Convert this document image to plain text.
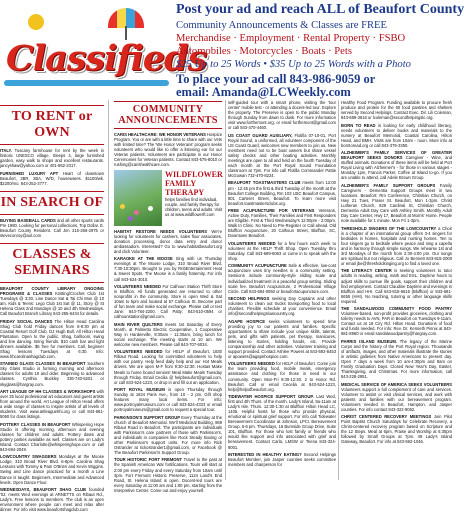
Classifieds
Post your ad and reach ALL of Beaufort County
Community Announcements & Classes are FREE
Merchandise · Employment · Rental Property · FSBO
Automobiles · Motorcycles · Boats · Pets
$25 Up to 25 Words • $35 Up to 25 Words with a Photo
To place your ad call 843-986-9059 or
email: Amanda@LCWeekly.com
TO RENT or OWN
ITALY. Tuscany farmhouse for rent by the week in historic UNESCO village. Sleeps 4, large furnished garden, easy walk to shops and excellent restaurants. jancyshaw@yahoo.com or 401-862-2317.
FURNISHED LUXURY APT Heart of downtown Beaufort, 2BR, 2BA, W/D, housewares. $1100/wk. $2200/mo. 843-252-3777.
IN SEARCH OF
BUYING BASEBALL CARDS and all other sports cards Pre 1980. Looking for personal collections, Top Dollar. E. Beaufort County Resident. Call Jim 215-266-2975 or steveconroy@aol.com
CLASSES & SEMINARS
BEAUFORT COUNTY LIBRARY ONGOING PROGRAMS & CLASSES Knitting/Crochet Club 1st Tuesdays @ 3:30, Line Dance Sat & Tai Chi Mon @ 10 am. Kids & Teens: Lego Club 1st Sat @ 11, Story @ St Helena Class 2nd Mondays @ 10 and 4th Wednesdays. Call Beaufort Branch Library 843-255-6434 for details.
FRIDAY SOCIAL DANCES The Hilton Head Carolina Shag Club hold Friday dances from 6-9:30 pm at Coastal Resort Golf Club. DJ Hugh Bull. All Hilton Head Plantation. Open to the public. Shag, ballroom, swing and line dancing. Bring friends. $10 cash bar and light dinners available. $5 free for members. Call, beginner Shag lessons Tuesdays at 6:30. Info: www.hhcarolinashagclub.com.
STAINED GLASS CLASSES IN BEAUFORT Southern Sky Glass Studio is forming morning and afternoon classes for adults 18 and older. Beginning to advanced classes. Cynthia Buckley 336-740-5201 or skyglass@hargray.com.
ART LEAGUE OF HH CLASSES & WORKSHOPS with over 25 local professional art educators and guest artists from around the world. Art League of Hilton Head offers a wide range of classes to inspire artists of all levels of students. Visit www.artleaguehhi.org or call 843-681-5060 for class listings.
POTTERY CLASSES IN BEAUFORT Whispering Hope Studio is offering morning, afternoon and evening classes for children and adults. Pottery dates and pottery parties available as well. Classes are on Lady's Island. Contact Charlotte@whisperinghope.com or call 843-694-2049.
LOWCOUNTRY SWAGGERS Mondays at the Moose Lodge, 310 Broad River Blvd. 6-8pm. Carolina Shag Lessons with Tommy & Pam O'Brien and Kevin Wiggins. Swing and Line dance practiced for a month a Line Dance is taught. Beginners, Intermediate and Advanced levels. Open Dance Floor.
WEDNESDAYS, BEAUFORT SHAG CLUB founded '02, meets Wed evenings at ARNETTS on Ribaut Rd., Lady's. Free lessons to members. The club is an open environment where people can meet and relax after dinner. For info visit www.beaufortshagclub.com
COMMUNITY ANNOUNCEMENTS
CARIS HEALTHCARE: WE HONOR VETERANS Hospice Program. You or are with a little time to share with our Vets with limited time? The 'We Honor Veterans' program seeks volunteers who would like to offer a listening ear for our Veteran patients. Volunteers are participate in our Honor Ceremonies for Veteran patients. Contact 843-575-8010 or rushing@carishealthcare.com.
WILDFLOWER FAMILY THERAPY
helps families find individual, couple, and family therapy for children, teens and adults. Visit us at www.wildflowerft.com
HABITAT RESTORE NEEDS VOLUNTEERS We're looking for volunteers for cashiers, sales floor associates, donation processing, donor data entry and donor ambassadors. Interested? Go to www.habitatbeaufort.org and click Volunteer.
KARAOKE AT THE MOOSE Sing with us Thursday evenings at The Moose Lodge, 310 Broad River Blvd, 7:30-10:30pm. Brought to you by RnbEntertainment Heat & Sweet Spots. The Moose is a family fraternity. For info call 843-524-3010.
VOLUNTEERS NEEDED For Calhoun Station Thrift Store in Bluffton. All funds generated are returned to other nonprofits in the community. Store is open Wed & Sat 10am to 5pm and located at 57 Calhoun St. Become part of fun team and make social exchange. Please call or text Jane: 843-784-2200. Call Patty: 843-510-0594 or calhounstation@gmail.com.
MAIN RIVER QUILTERS meets 1st Saturday of Every Month, at Palmetto Electric Cooperative, 1 Cooperative Way in Hardeeville, 9:30am - 11:30am, bring lunch for social exchange. The meeting starts at 10 am. We welcome new members. Please call 843-707-6034.
VOLUNTEERS NEEDED for HELP of Beaufort, 1830 Ribaut Road. Looking for committed volunteers to help with our pantry. Help feed daily help and our Hot Meals drivers. We are open M-F from 9:30-12:30. Hostas Make Meals to home bound seniors! Meal Make Meals Tuesday through Friday. Email Cecilia @ helpbeaufort@gmail.com, or call 843-524-1223, or drop in and fill out an application.
PORT ROYAL MUSEUM is open Thursday through Sunday at 1634 Paris Ave., from 10 - 2 pm. Gift shop features many local items. For info: www.portroyalmuseum.com or call 843-524-4333 or email portroyalmuseum@gmail.com to request a special tour.
PARKINSON'S SUPPORT GROUP Every Thursday at the church of Beaufort Memorial. We'll Medicinal Building, 989 Ribaut Road in Beaufort. The participants are individuals with Parkinson's care partners of those with Parkinson's, and individuals in companies like Rock Steady Boxing or other Parkinson's support units. For more info Rick Ostrander at rickostrander1@gmail.com, or Facebook @ The Beaufort Parkinson's Support Group.
TOUR HISTORIC FORT FREMONT Travel to the past at the Spanish American War fortifications. Tours will start at 2:00 pm every Friday and every Saturday from 10am until 3pm. Fort Fremont Historic Preserve, 1124 Land's End Road, St. Helena Island is open. Docent-led tours are every Saturday at 11:00 am and 1:00 pm, starting from the Interpretive Center. Come out and enjoy yourself.
self-guided tour with a smart phone, visiting the 'tour center' mobile test - or attending a docent-led tour. Explore the property. The Preserve is open to the public Monday through Sunday from dawn to dusk. For more information visit www.fortfremont.org, or email fortfremont@gmail.com or call 843-470-4460.
US COAST GUARD AUXILIARY, Flotilla 07-10-01, Port Royal Sound, a uniformed, all volunteer component of the US Coast Guard, welcomes new members to join us. New members need not to be boat owners but share vessel safety checks and other boating activities. Monthly meetings are open to all and held on the fourth Tuesday of each month at the Port Royal Sound Foundation classroom at 7pm. For info call Flotilla Commander Pattie McGowan 732-470-8224.
BEAUFORT TOASTMASTERS CLUB meets from 12:00 pm - 12:45 pm the first & third Tuesday of the month at the Beaufort College Building, Rm 103 USC Beaufort Campus, 801 Carteret Street, Beaufort. To learn more visit beaufort.toastmastersclubs.org.
FREE ACUPUNCTURE FOR VETERANS Veterans, Active Duty, Families, Their Families and First Responders are Eligible. First & Third Wednesday's 12:00pm - 2:00pm. Walk In Clinic. No Need to Pre-Register or Call ahead. Old Bluffton Acupuncture, 20 Calhoun Street, Bluffton, SC, Downtown Beaufort.
VOLUNTEERS NEEDED for a few hours each week to volunteer at the HELP Thrift Shop. Open Tuesday thru Saturday. Call 843-689-6063 or come in to speak with the shop.
COMMUNITY ACUPUNCTURE Safe & effective, low-cost acupuncture uses tiny needles in a community setting. Sessions include community-style sliding scale and individualized treatment in a peaceful group setting. Sliding scale fee. Beaufort Acupuncture, 2 Professional Village Circle. Call 843-694-0050 or beaufortacupuncture.com.
SECOND HELPINGS seeking Day Captains and other volunteers to clean out trucks transporting food to local charities. Flexible schedule at your convenience. Email info@secondhelpingslowcountry.org.
AGAPE HOSPICE seeks volunteers to spend time providing joy to our patients and families. Specific opportunities to share include your unique skills, talents, pets, and gifts with patients, pet therapy, manicures, listening to stories, holding hands, etc. Provide companionship and other activities. Volunteer training and support provided. Contact Ashlee Powers at 843-592-8453 or apowers@agapehospice.com.
VOLUNTEERS NEEDED for HELP of Beaufort. Come join the team providing food, mobile meals, emergency assistance and clothing for those in need in our community. Open Mon-Fri 9:30-12:30. 2 to Honor Rd. Beaufort. Call or email Cecelia at 843-524-1223, help@helpofbeaufort.org.
TIDEWATER HOSPICE SUPPORT GROUP. Last Wed, first and 4th Thurs. of the month. Lady's Island, 9a-11am at Lady's Isle. Thurs. 12:30-1:30 at Bluffton Hilton Head LC, 1405. Helpful hosts for those who provide physical, emotional or spiritual grief support. For info call Tidewater Bereavement Coordinator at Johnson, LPCI. Bereavement Group, 5-6 pm. Thursdays, 16 Burnside Group Drive, Suite 101, Bluffton. For those who lost family or friends who would like support and info associated with grief and bereavement. Contact Carla, LMSW or Teena 843-324-9001.
INTERESTED IN HEALTHY EATING? Second Helpings Beaufort Member, join Jasper counties seeks committee members and chairperson for
Healthy Food Program. Funding available to procure fresh produce and protein for the 60 food pantries and shelters served by Second Helpings. Contact Exec. Dir. Lili Coleman, 843-689-3616 or lcoleman@secondhelpingslc.org.
BORN TO READ is looking for early childhood literacy, needs volunteers to deliver books and materials to the nursery at Beaufort Memorial, Coastal Carolina, Hilton Head, and BMH. Visits are from 10am - noon. More info at borntoread.org or call 843-379-3350.
ALZHEIMER'S FAMILY SERVICES OF GREATER BEAUFORT SEEKS DONORS Caregiver - Wine, and stuffed animals. Donations of these items will be held at Port Royal Living with Alzheimer's - for those in various stages - Monday 1pm, Francis Parker, Coffee at Island to-go. If you are unable to attend, call Adele Brown Group.
ALZHEIMER'S FAMILY SUPPORT GROUPS Family Caregivers - Dementia Support Groups meet in two locations. Beaufort: Rm Conference, Christian Church, on Hwy 21 Tues, Fraser St. Beaufort, Mon 1-3pm. Christ Lutheran Church, 829 Cardinal St, Christian Church, Dementia Adult Day Care with Ashley Smith. Monthly Adult Day Care Center, Hwy 17, Beaufort at Morris' Home. People note available for 1 minute. Mon Fri 1-3pm.
THRESHOLD SINGERS OF THE LOWCOUNTRY a Choir is a chapter of an international group offers 3-4 singers for bedsides in homes, hospitals and nursing homes. Ten to four singers go to bedside where peace and sing a capella and in harmony through simple songs. We rehearse 1st and 3rd Mondays of the month from 2:30-4:00 pm. Our songs are spiritual but not religious. Call Jo Bennett 843-815-2000 or email jbe@thresholdsinging.org to find a loved one.
THE LITERACY CENTER is seeking volunteers to tutor adults in reading, writing, math and ESL. Daytime hours to adjust skills to pursue life goals, support their children and find employment. Contact Claudine Daytime and evenings in Bluffton and HHI. Call 843-815-6616 (Bluffton) or 843-681-6655 (HHI). No teaching, tutoring or other language skills required.
THE SANDALWOOD COMMUNITY FOOD PANTRY Volunteer-based, non-profit provides groceries, clothing and toiletry needs to AVN, PAR in Beaufort on Tuesdays 9-11am. Contact us at 18 Ciry Rd. Hilton Head. Donations of food and funds needed. For info: Rev. Dr. Kenneth Pinnix at 843-681-8960 or email sandalwoodpantry@hargray.com.
PARRIS ISLAND MUSEUM. The legacy of the Marine Corps and the history of the Port Royal region. Thousands of artifacts, images, and other materials illustrate the stories in artistic galleries from Native Americans to present day. Open 7 days a week from 10 am-4:30pm and 8am on Family Graduation Days. Closed New Year's Day, Easter, Thanksgiving, and Christmas. For more information, call 843-228-2951.
MEDICAL SERVICE OF AMERICA SEEKS VOLUNTEERS Volunteers support a full complement of care and services. Volunteer to assist or visit clinical services, and work with patients and families with our bereavement program. Volunteers needed in Beaufort, Hampton, and Jasper counties. For info contact 843-322-9062.
CHRIST CENTERED RECOVERY MEETINGS Join Pilot Point Baptist Church Saturdays for Celebrate Recovery, a Christ-centered recovery program based on Scripture and the 12 Steps. Meal at 6pm, Praise and Worship at 6:30pm followed by Small Groups at 7pm. 49 Lady's Island Gateway, Beaufort. For info at 843-592-1046.
